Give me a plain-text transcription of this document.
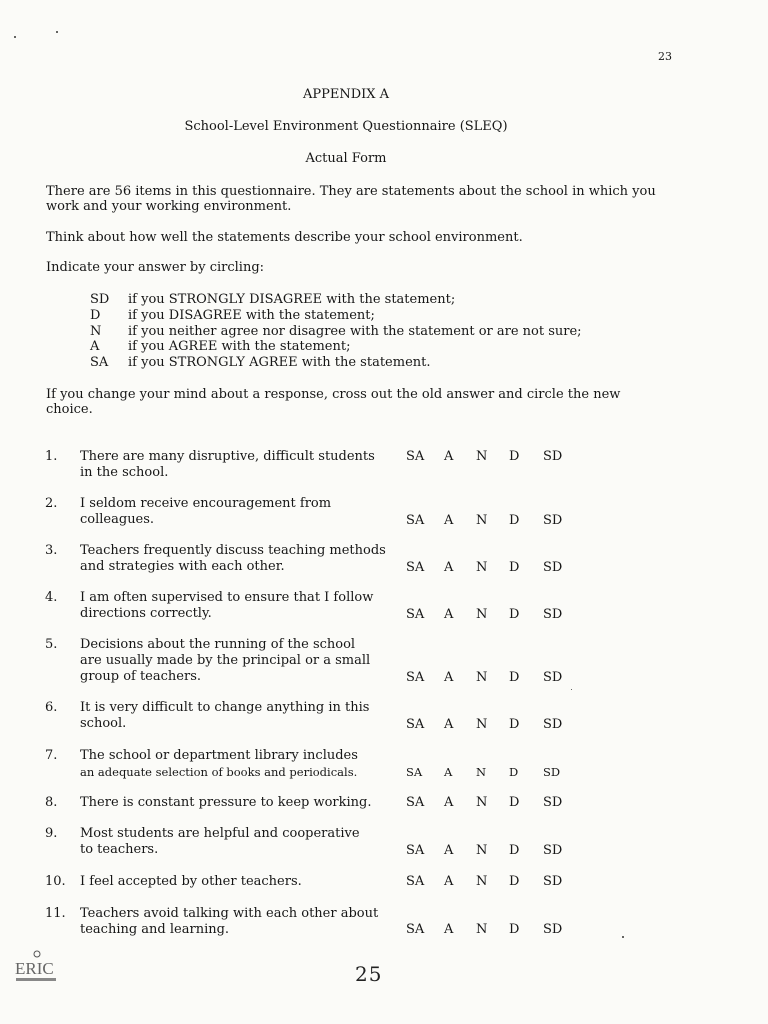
23
APPENDIX A
School-Level Environment Questionnaire (SLEQ)
Actual Form
There are 56 items in this questionnaire. They are statements about the school in which you work and your working environment.
Think about how well the statements describe your school environment.
Indicate your answer by circling:
SD if you STRONGLY DISAGREE with the statement;
D if you DISAGREE with the statement;
N if you neither agree nor disagree with the statement or are not sure;
A if you AGREE with the statement;
SA if you STRONGLY AGREE with the statement.
If you change your mind about a response, cross out the old answer and circle the new choice.
1. There are many disruptive, difficult students
in the school.
SA A N D SD
2. I seldom receive encouragement from
colleagues.	SA A N D SD
3. Teachers frequently discuss teaching methods
and strategies with each other.	SA A N D SD
4. I am often supervised to ensure that I follow
directions correctly.	SA A N D SD
5. Decisions about the running of the school
are usually made by the principal or a small
group of teachers.	SA A N D SD
6. It is very difficult to change anything in this
school.	SA A N D SD
7. The school or department library includes
an adequate selection of books and periodicals.	SA A N D SD
8. There is constant pressure to keep working.	SA A N D SD
9. Most students are helpful and cooperative
to teachers.	SA A N D SD
10. I feel accepted by other teachers.	SA A N D SD
11. Teachers avoid talking with each other about
teaching and learning.	SA A N D SD
ERIC	25
